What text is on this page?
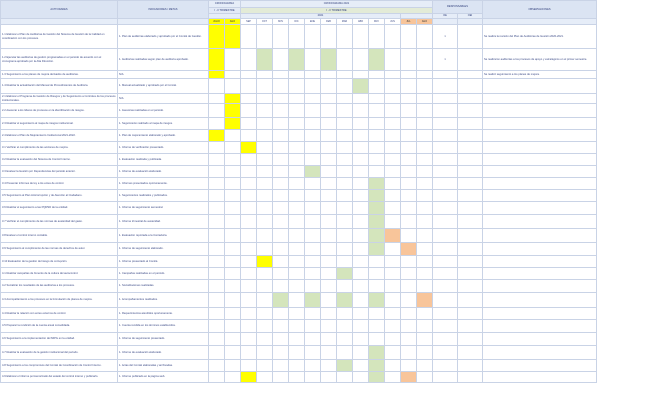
ACTIVIDADES	INDICADORES / METAS	CRONOGRAMA		CRONOGRAMA 2021												RESPONSABLES		OBSERVACIONES
		I - II TRIMESTRE		I - II TRIMESTRE														
				2021												OE	OEI	
		JULIO	AGO	SEP	OCT	NOV	DIC	ENE	FEB	MAR	ABR	MAY	JUN	JUL	AGO			
1.1 Elaborar el Plan de Auditorías de Gestión del Sistema de Gestión de la Calidad en coordinación con los procesos.	1. Plan de auditorías elaborado y aprobado por el Comité de Gestión.															1		Se realiza la revisión del Plan de Auditorías de Gestión 2020-2021.
1.2 Ejecutar las auditorías de gestión programadas en el periodo de acuerdo con el cronograma aprobado por la Alta Dirección.	1. Auditorías realizadas según plan de auditoría aprobado.															1		Se realizaron auditorías a los procesos de apoyo y estratégicos en el primer semestre.
1.3 Seguimiento a los planes de mejora derivados de auditorías.	N/A																	Se realizó seguimiento a los planes de mejora.
1.4 Realizar la actualización del Manual de Procedimientos de Auditoría.	1. Manual actualizado y aprobado por el Comité.																	
2.1 Elaborar el Programa de Gestión de Riesgos y de Seguimiento a Controles de los procesos institucionales.	N/A																	
2.2 Asesorar a los líderes de procesos en la identificación de riesgos.	1. Asesorías realizadas en el periodo.																	
2.3 Realizar el seguimiento al mapa de riesgos institucional.	1. Seguimiento realizado al mapa de riesgos.																	
2.4 Elaborar el Plan de Mejoramiento Institucional 2021-2022.	1. Plan de mejoramiento elaborado y aprobado.																	
3.1 Verificar el cumplimiento de las acciones de mejora.	1. Informe de verificación presentado.																	
3.2 Realizar la evaluación del Sistema de Control Interno.	1. Evaluación realizada y publicada.																	
3.3 Evaluar la Gestión por Dependencias del periodo anterior.	1. Informe de evaluación elaborado.																	
3.4 Presentar informes de ley a los entes de control.	1. Informes presentados oportunamente.																	
3.5 Seguimiento al Plan Anticorrupción y de Atención al Ciudadano.	1. Seguimientos realizados y publicados.																	
3.6 Realizar el seguimiento a las PQRSD de la entidad.	1. Informe de seguimiento semestral.																	
3.7 Verificar el cumplimiento de las normas de austeridad del gasto.	1. Informe trimestral de austeridad.																	
3.8 Evaluar el control interno contable.	1. Evaluación reportada a la Contaduría.																	
3.9 Seguimiento al cumplimiento de las normas de derechos de autor.	1. Informe de seguimiento elaborado.																	
3.10 Evaluación de la gestión del riesgo de corrupción.	1. Informe presentado al Comité.																	
4.1 Realizar campañas de fomento de la cultura del autocontrol.	1. Campañas realizadas en el periodo.																	
4.2 Socializar los resultados de las auditorías a los procesos.	1. Socializaciones realizadas.																	
4.3 Acompañamiento a los procesos en la formulación de planes de mejora.	1. Acompañamientos realizados.																	
4.4 Realizar la relación con entes externos de control.	1. Requerimientos atendidos oportunamente.																	
4.5 Preparar la rendición de la cuenta anual consolidada.	1. Cuenta rendida en los términos establecidos.																	
4.6 Seguimiento a la implementación del MIPG en la entidad.	1. Informe de seguimiento presentado.																	
4.7 Realizar la evaluación de la gestión institucional del periodo.	1. Informe de evaluación elaborado.																	
4.8 Seguimiento a los compromisos del Comité de Coordinación de Control Interno.	1. Actas del Comité elaboradas y archivadas.																	
4.9 Elaborar el informe pormenorizado del estado del control interno y publicarlo.	1. Informe publicado en la página web.																	
